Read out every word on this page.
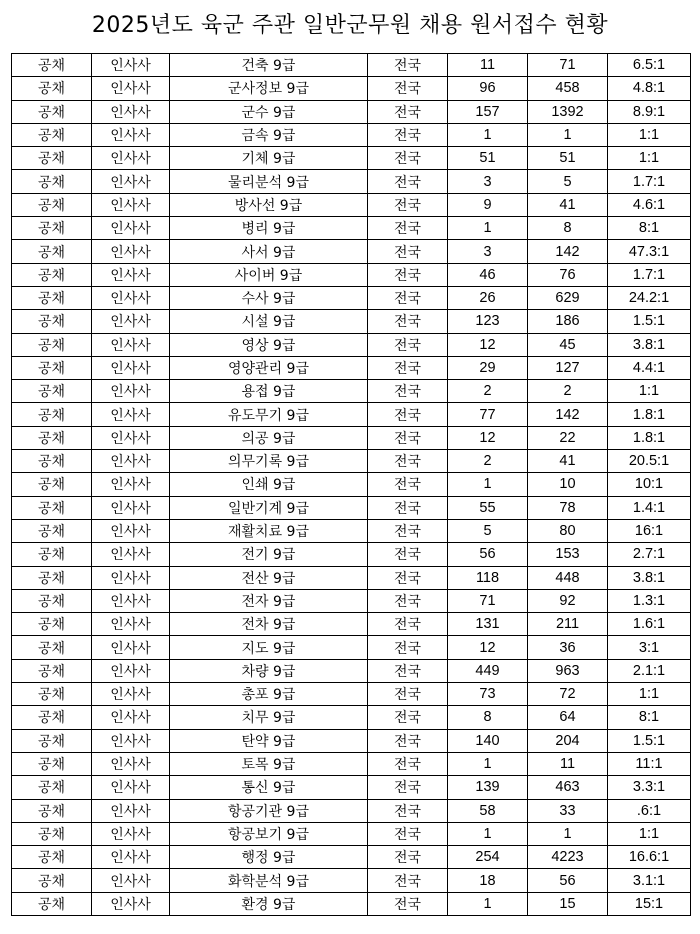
2025년도 육군 주관 일반군무원 채용 원서접수 현황
공채	인사사	건축 9급	전국	11	71	6.5:1
공채	인사사	군사정보 9급	전국	96	458	4.8:1
공채	인사사	군수 9급	전국	157	1392	8.9:1
공채	인사사	금속 9급	전국	1	1	1:1
공채	인사사	기체 9급	전국	51	51	1:1
공채	인사사	물리분석 9급	전국	3	5	1.7:1
공채	인사사	방사선 9급	전국	9	41	4.6:1
공채	인사사	병리 9급	전국	1	8	8:1
공채	인사사	사서 9급	전국	3	142	47.3:1
공채	인사사	사이버 9급	전국	46	76	1.7:1
공채	인사사	수사 9급	전국	26	629	24.2:1
공채	인사사	시설 9급	전국	123	186	1.5:1
공채	인사사	영상 9급	전국	12	45	3.8:1
공채	인사사	영양관리 9급	전국	29	127	4.4:1
공채	인사사	용접 9급	전국	2	2	1:1
공채	인사사	유도무기 9급	전국	77	142	1.8:1
공채	인사사	의공 9급	전국	12	22	1.8:1
공채	인사사	의무기록 9급	전국	2	41	20.5:1
공채	인사사	인쇄 9급	전국	1	10	10:1
공채	인사사	일반기계 9급	전국	55	78	1.4:1
공채	인사사	재활치료 9급	전국	5	80	16:1
공채	인사사	전기 9급	전국	56	153	2.7:1
공채	인사사	전산 9급	전국	118	448	3.8:1
공채	인사사	전자 9급	전국	71	92	1.3:1
공채	인사사	전차 9급	전국	131	211	1.6:1
공채	인사사	지도 9급	전국	12	36	3:1
공채	인사사	차량 9급	전국	449	963	2.1:1
공채	인사사	총포 9급	전국	73	72	1:1
공채	인사사	치무 9급	전국	8	64	8:1
공채	인사사	탄약 9급	전국	140	204	1.5:1
공채	인사사	토목 9급	전국	1	11	11:1
공채	인사사	통신 9급	전국	139	463	3.3:1
공채	인사사	항공기관 9급	전국	58	33	.6:1
공채	인사사	항공보기 9급	전국	1	1	1:1
공채	인사사	행정 9급	전국	254	4223	16.6:1
공채	인사사	화학분석 9급	전국	18	56	3.1:1
공채	인사사	환경 9급	전국	1	15	15:1
